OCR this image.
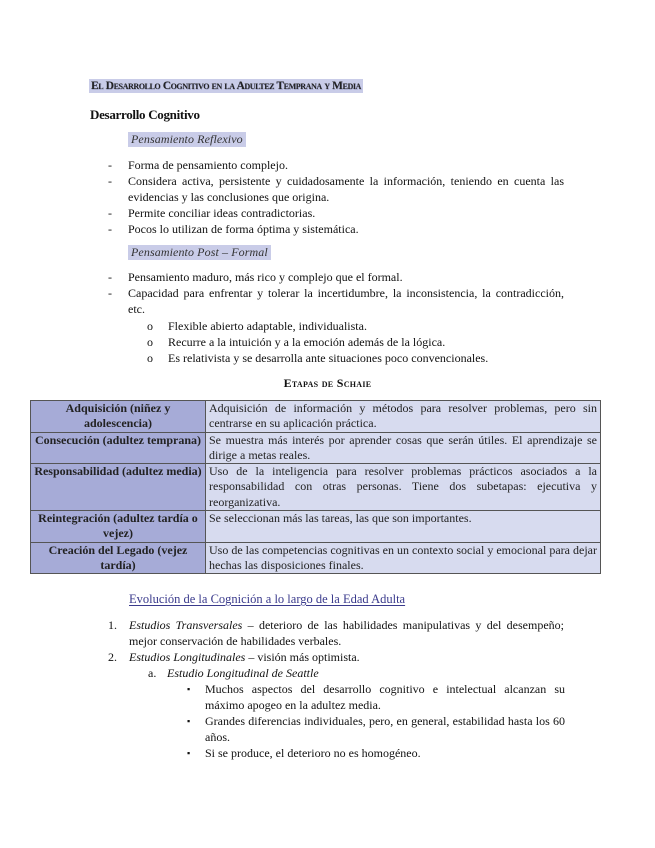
El Desarrollo Cognitivo en la Adultez Temprana y Media
Desarrollo Cognitivo
Pensamiento Reflexivo
- Forma de pensamiento complejo.
- Considera activa, persistente y cuidadosamente la información, teniendo en cuenta las evidencias y las conclusiones que origina.
- Permite conciliar ideas contradictorias.
- Pocos lo utilizan de forma óptima y sistemática.
Pensamiento Post – Formal
- Pensamiento maduro, más rico y complejo que el formal.
- Capacidad para enfrentar y tolerar la incertidumbre, la inconsistencia, la contradicción, etc.
o Flexible abierto adaptable, individualista.
o Recurre a la intuición y a la emoción además de la lógica.
o Es relativista y se desarrolla ante situaciones poco convencionales.
Etapas de Schaie
Adquisición (niñez y adolescencia)	Adquisición de información y métodos para resolver problemas, pero sin centrarse en su aplicación práctica.
Consecución (adultez temprana)	Se muestra más interés por aprender cosas que serán útiles. El aprendizaje se dirige a metas reales.
Responsabilidad (adultez media)	Uso de la inteligencia para resolver problemas prácticos asociados a la responsabilidad con otras personas. Tiene dos subetapas: ejecutiva y reorganizativa.
Reintegración (adultez tardía o vejez)	Se seleccionan más las tareas, las que son importantes.
Creación del Legado (vejez tardía)	Uso de las competencias cognitivas en un contexto social y emocional para dejar hechas las disposiciones finales.
Evolución de la Cognición a lo largo de la Edad Adulta
1. Estudios Transversales – deterioro de las habilidades manipulativas y del desempeño; mejor conservación de habilidades verbales.
2. Estudios Longitudinales – visión más optimista.
a. Estudio Longitudinal de Seattle
▪ Muchos aspectos del desarrollo cognitivo e intelectual alcanzan su máximo apogeo en la adultez media.
▪ Grandes diferencias individuales, pero, en general, estabilidad hasta los 60 años.
▪ Si se produce, el deterioro no es homogéneo.
